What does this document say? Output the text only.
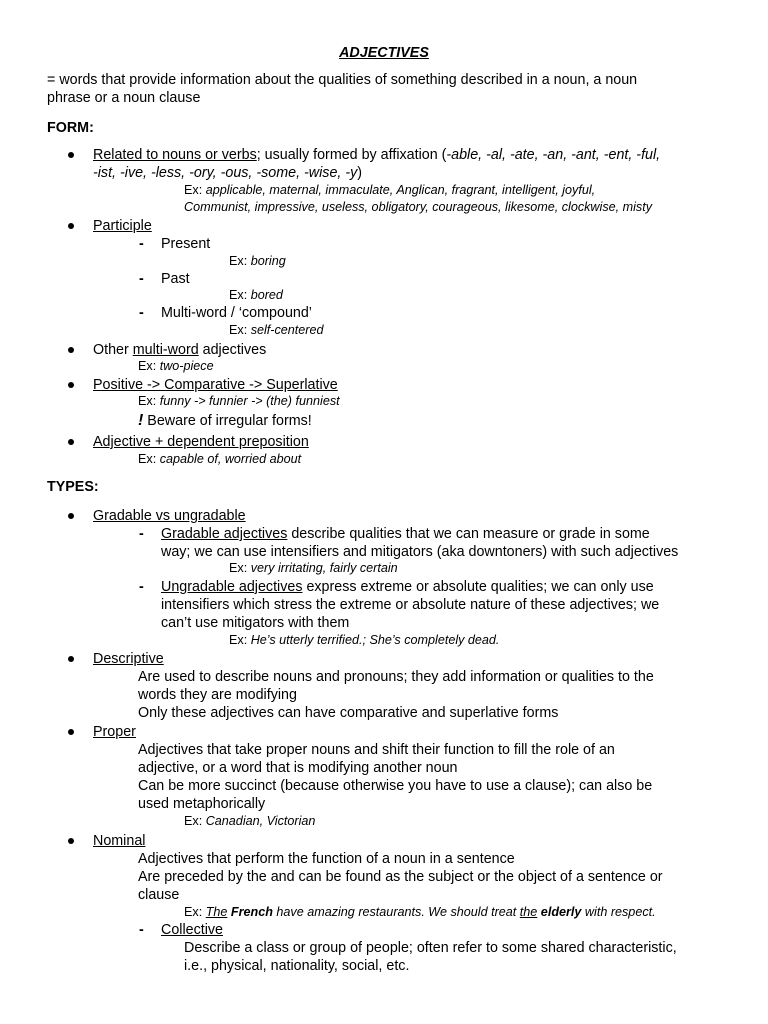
ADJECTIVES
= words that provide information about the qualities of something described in a noun, a noun
phrase or a noun clause
FORM:
Related to nouns or verbs; usually formed by affixation (-able, -al, -ate, -an, -ant, -ent, -ful,
-ist, -ive, -less, -ory, -ous, -some, -wise, -y)
Ex: applicable, maternal, immaculate, Anglican, fragrant, intelligent, joyful,
Communist, impressive, useless, obligatory, courageous, likesome, clockwise, misty
Participle
- Present
Ex: boring
- Past
Ex: bored
- Multi-word / ‘compound’
Ex: self-centered
Other multi-word adjectives
Ex: two-piece
Positive -> Comparative -> Superlative
Ex: funny -> funnier -> (the) funniest
! Beware of irregular forms!
Adjective + dependent preposition
Ex: capable of, worried about
TYPES:
Gradable vs ungradable
- Gradable adjectives describe qualities that we can measure or grade in some
way; we can use intensifiers and mitigators (aka downtoners) with such adjectives
Ex: very irritating, fairly certain
- Ungradable adjectives express extreme or absolute qualities; we can only use
intensifiers which stress the extreme or absolute nature of these adjectives; we
can’t use mitigators with them
Ex: He’s utterly terrified.; She’s completely dead.
Descriptive
Are used to describe nouns and pronouns; they add information or qualities to the
words they are modifying
Only these adjectives can have comparative and superlative forms
Proper
Adjectives that take proper nouns and shift their function to fill the role of an
adjective, or a word that is modifying another noun
Can be more succinct (because otherwise you have to use a clause); can also be
used metaphorically
Ex: Canadian, Victorian
Nominal
Adjectives that perform the function of a noun in a sentence
Are preceded by the and can be found as the subject or the object of a sentence or
clause
Ex: The French have amazing restaurants. We should treat the elderly with respect.
- Collective
Describe a class or group of people; often refer to some shared characteristic,
i.e., physical, nationality, social, etc.
